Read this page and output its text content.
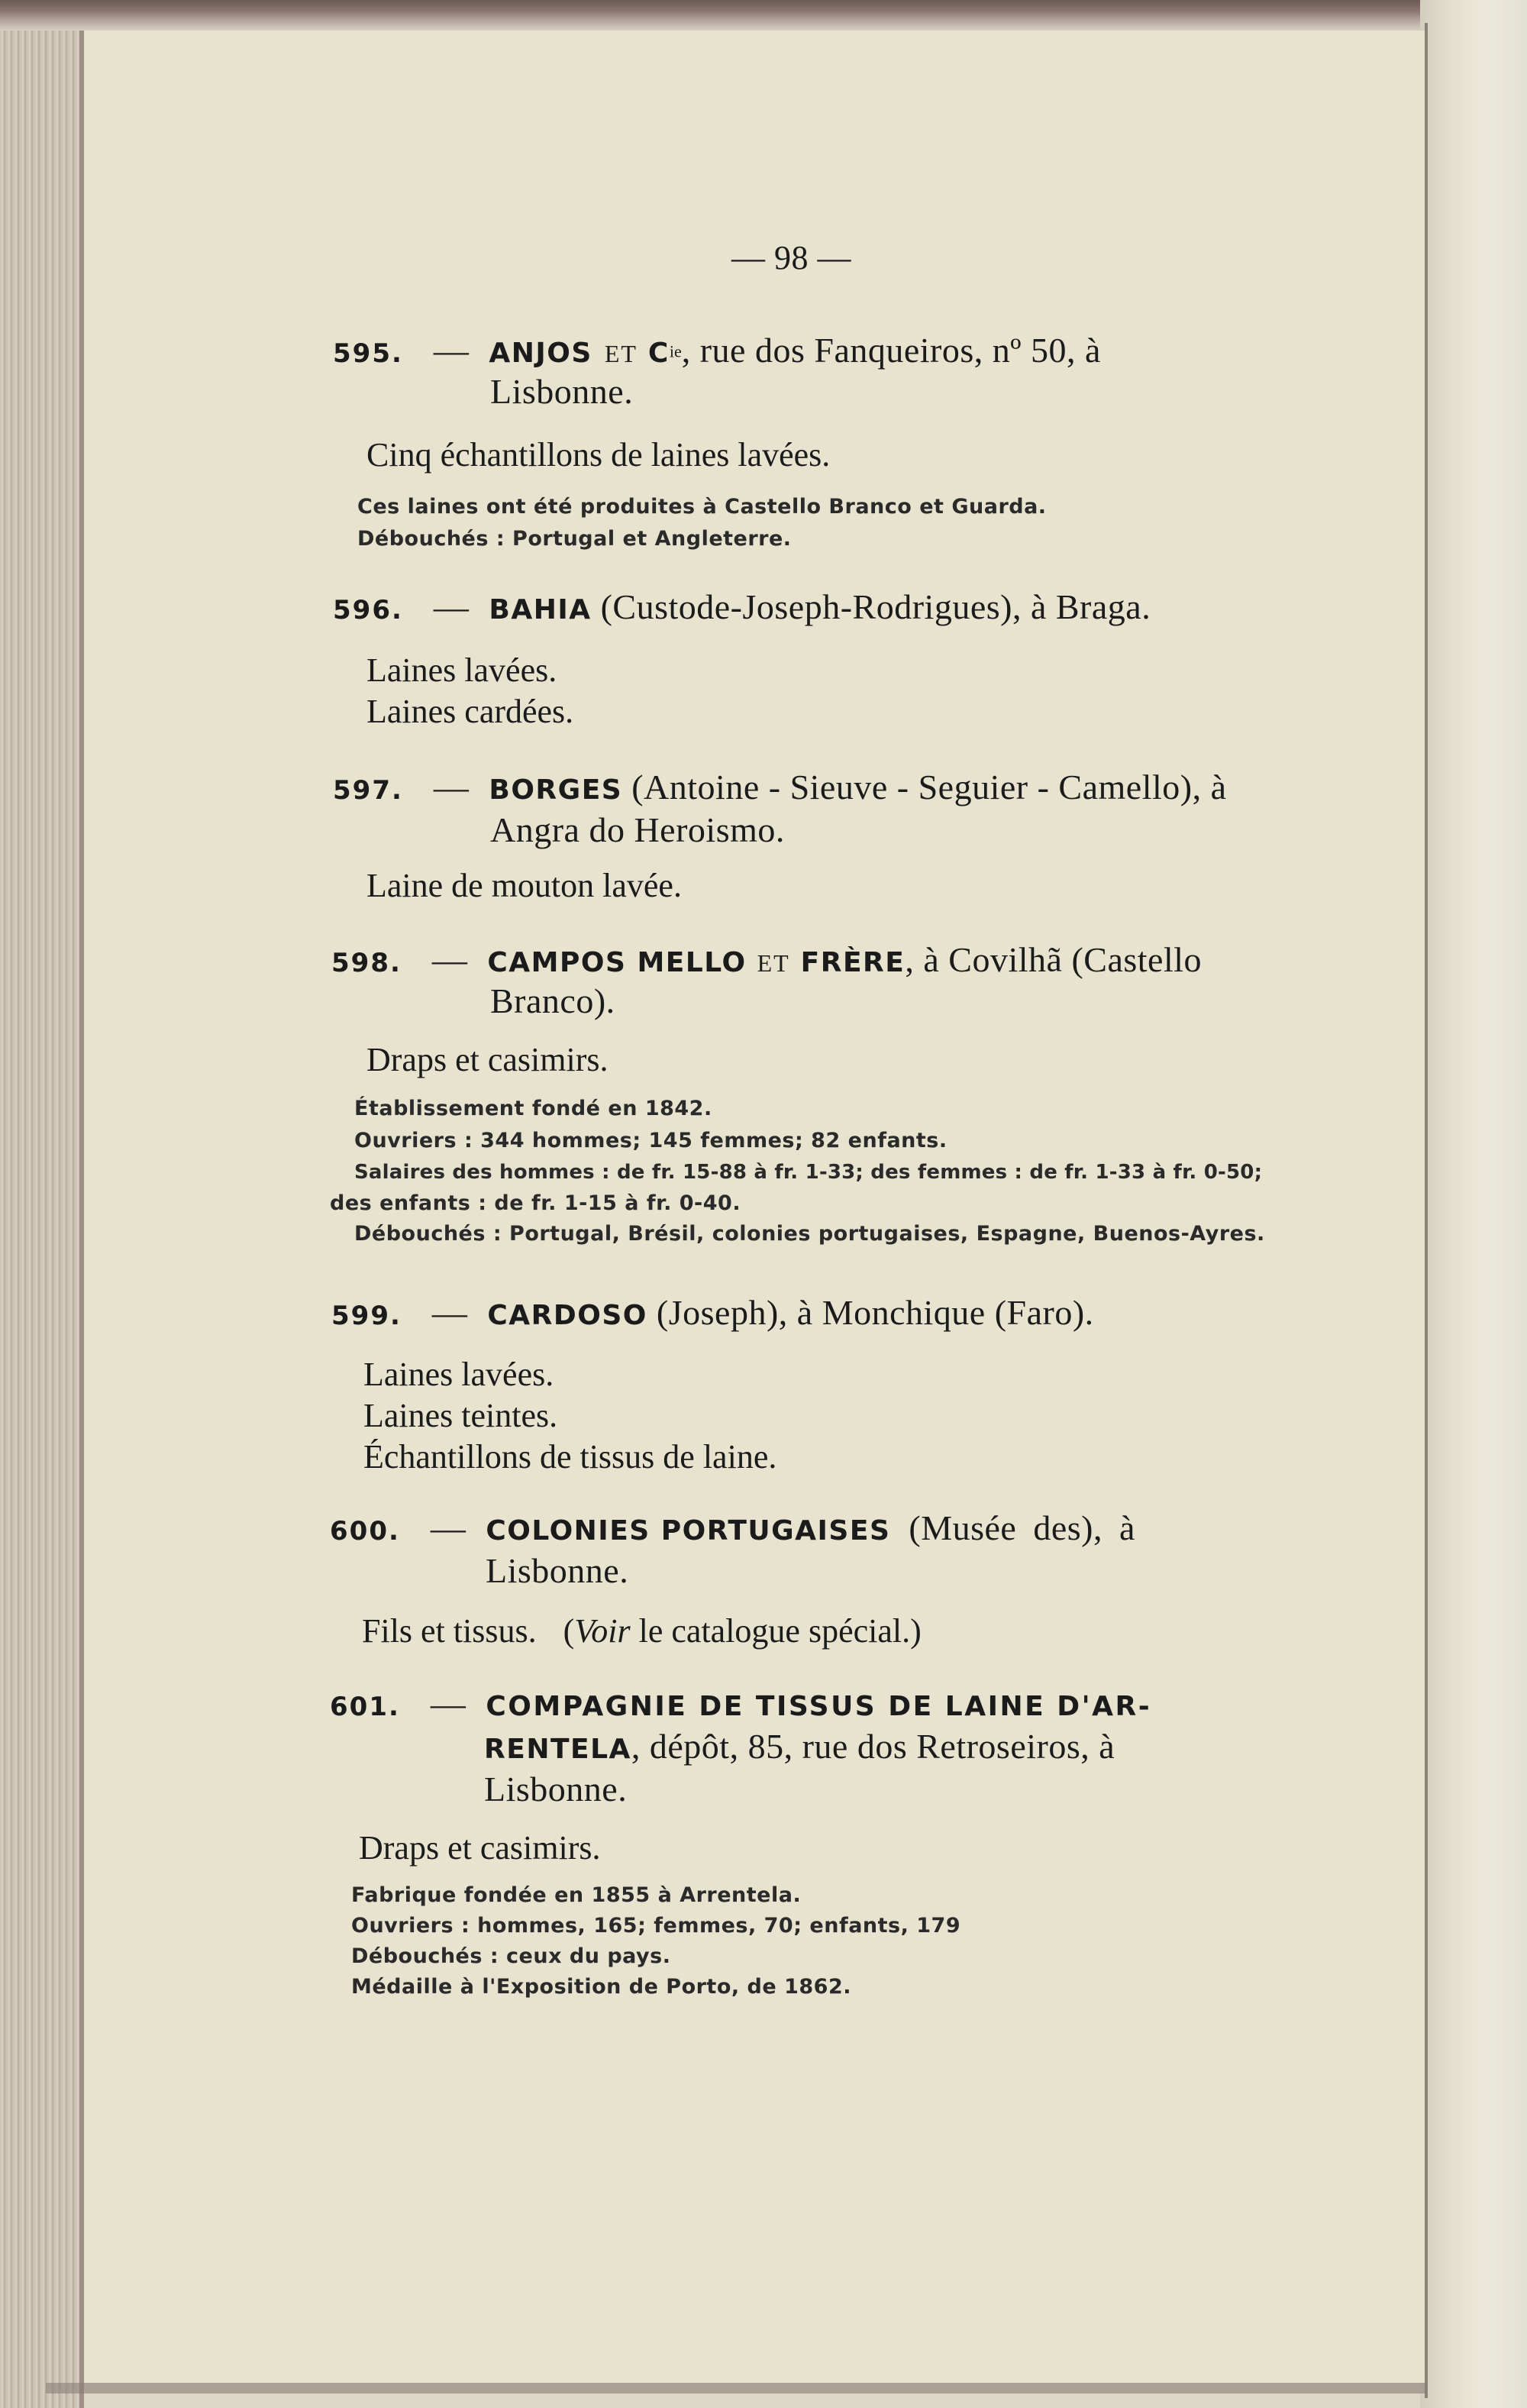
— 98 —
595. — ANJOS ET $C^{ie}$, rue dos Fanqueiros, nº 50, à
Lisbonne.
Cinq échantillons de laines lavées.
Ces laines ont été produites à Castello Branco et Guarda.
Débouchés : Portugal et Angleterre.
596. — BAHIA (Custode-Joseph-Rodrigues), à Braga.
Laines lavées.
Laines cardées.
597. — BORGES (Antoine - Sieuve - Seguier - Camello), à
Angra do Heroismo.
Laine de mouton lavée.
598. — CAMPOS MELLO ET FRÈRE, à Covilhã (Castello
Branco).
Draps et casimirs.
Établissement fondé en 1842.
Ouvriers : 344 hommes; 145 femmes; 82 enfants.
Salaires des hommes : de fr. 15-88 à fr. 1-33; des femmes : de fr. 1-33 à fr. 0-50;
des enfants : de fr. 1-15 à fr. 0-40.
Débouchés : Portugal, Brésil, colonies portugaises, Espagne, Buenos-Ayres.
599. — CARDOSO (Joseph), à Monchique (Faro).
Laines lavées.
Laines teintes.
Échantillons de tissus de laine.
600. — COLONIES PORTUGAISES (Musée des), à
Lisbonne.
Fils et tissus. (Voir le catalogue spécial.)
601. — COMPAGNIE DE TISSUS DE LAINE D'AR-
RENTELA, dépôt, 85, rue dos Retroseiros, à
Lisbonne.
Draps et casimirs.
Fabrique fondée en 1855 à Arrentela.
Ouvriers : hommes, 165; femmes, 70; enfants, 179
Débouchés : ceux du pays.
Médaille à l'Exposition de Porto, de 1862.
